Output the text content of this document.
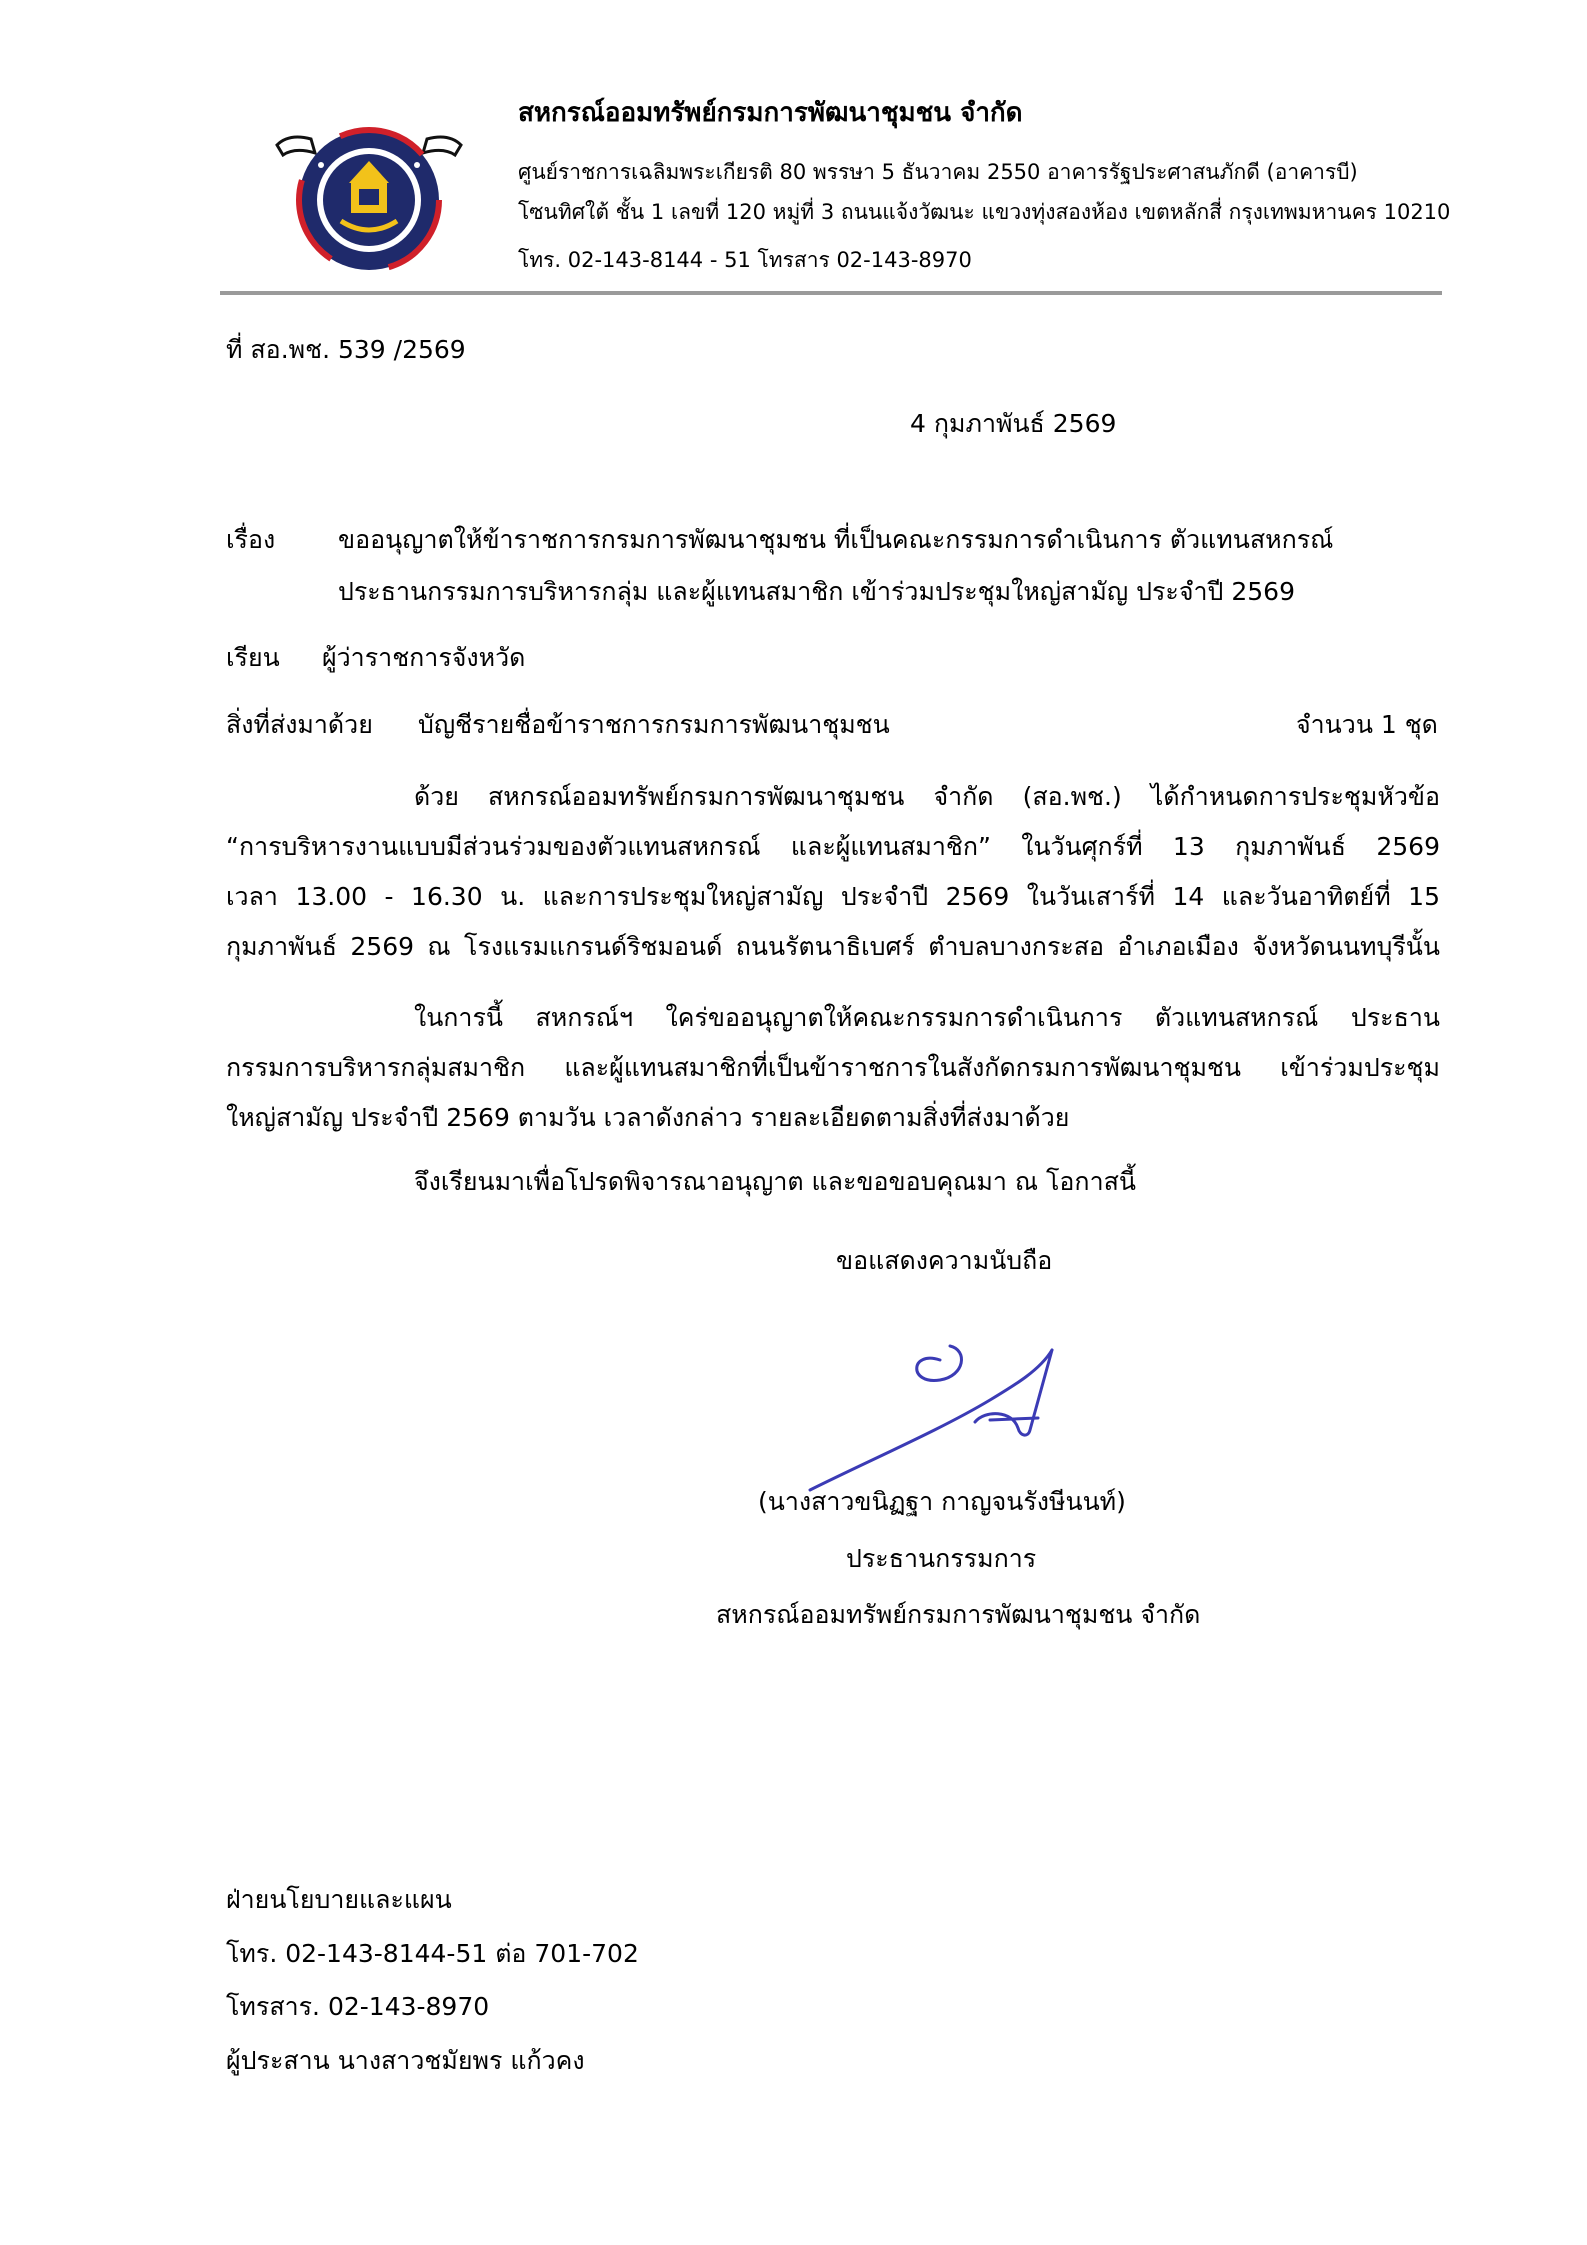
สหกรณ์ออมทรัพย์กรมการพัฒนาชุมชน จำกัด
ศูนย์ราชการเฉลิมพระเกียรติ 80 พรรษา 5 ธันวาคม 2550 อาคารรัฐประศาสนภักดี (อาคารบี)
โซนทิศใต้ ชั้น 1 เลขที่ 120 หมู่ที่ 3 ถนนแจ้งวัฒนะ แขวงทุ่งสองห้อง เขตหลักสี่ กรุงเทพมหานคร 10210
โทร. 02-143-8144 - 51 โทรสาร 02-143-8970
ที่ สอ.พช. 539 /2569
4 กุมภาพันธ์ 2569
เรื่อง	ขออนุญาตให้ข้าราชการกรมการพัฒนาชุมชน ที่เป็นคณะกรรมการดำเนินการ ตัวแทนสหกรณ์
ประธานกรรมการบริหารกลุ่ม และผู้แทนสมาชิก เข้าร่วมประชุมใหญ่สามัญ ประจำปี 2569
เรียน ผู้ว่าราชการจังหวัด
สิ่งที่ส่งมาด้วย บัญชีรายชื่อข้าราชการกรมการพัฒนาชุมชน	จำนวน 1 ชุด
ด้วย สหกรณ์ออมทรัพย์กรมการพัฒนาชุมชน จำกัด (สอ.พช.) ได้กำหนดการประชุมหัวข้อ
“การบริหารงานแบบมีส่วนร่วมของตัวแทนสหกรณ์ และผู้แทนสมาชิก” ในวันศุกร์ที่ 13 กุมภาพันธ์ 2569
เวลา 13.00 - 16.30 น. และการประชุมใหญ่สามัญ ประจำปี 2569 ในวันเสาร์ที่ 14 และวันอาทิตย์ที่ 15
กุมภาพันธ์ 2569 ณ โรงแรมแกรนด์ริชมอนด์ ถนนรัตนาธิเบศร์ ตำบลบางกระสอ อำเภอเมือง จังหวัดนนทบุรีนั้น
ในการนี้ สหกรณ์ฯ ใคร่ขออนุญาตให้คณะกรรมการดำเนินการ ตัวแทนสหกรณ์ ประธาน
กรรมการบริหารกลุ่มสมาชิก และผู้แทนสมาชิกที่เป็นข้าราชการในสังกัดกรมการพัฒนาชุมชน เข้าร่วมประชุม
ใหญ่สามัญ ประจำปี 2569 ตามวัน เวลาดังกล่าว รายละเอียดตามสิ่งที่ส่งมาด้วย
จึงเรียนมาเพื่อโปรดพิจารณาอนุญาต และขอขอบคุณมา ณ โอกาสนี้
ขอแสดงความนับถือ
(นางสาวขนิฏฐา กาญจนรังษีนนท์)
ประธานกรรมการ
สหกรณ์ออมทรัพย์กรมการพัฒนาชุมชน จำกัด
ฝ่ายนโยบายและแผน
โทร. 02-143-8144-51 ต่อ 701-702
โทรสาร. 02-143-8970
ผู้ประสาน นางสาวชมัยพร แก้วคง
